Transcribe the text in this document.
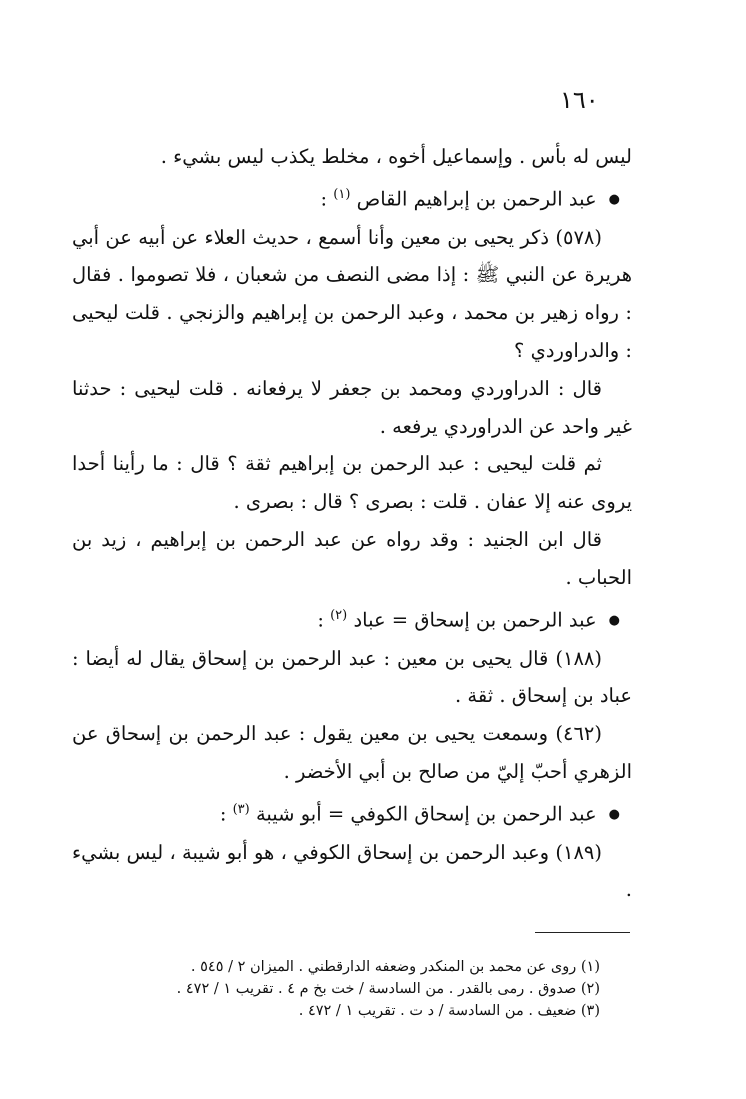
١٦٠

ليس له بأس . وإسماعيل أخوه ، مخلط يكذب ليس بشيء .

●عبد الرحمن بن إبراهيم القاص $^{(١)}$ :

(٥٧٨) ذكر يحيى بن معين وأنا أسمع ، حديث العلاء عن أبيه عن أبي هريرة عن النبي ﷺ : إذا مضى النصف من شعبان ، فلا تصوموا . فقال : رواه زهير بن محمد ، وعبد الرحمن بن إبراهيم والزنجي . قلت ليحيى : والدراوردي ؟

قال : الدراوردي ومحمد بن جعفر لا يرفعانه . قلت ليحيى : حدثنا غير واحد عن الدراوردي يرفعه .

ثم قلت ليحيى : عبد الرحمن بن إبراهيم ثقة ؟ قال : ما رأينا أحدا يروى عنه إلا عفان . قلت : بصرى ؟ قال : بصرى .

قال ابن الجنيد : وقد رواه عن عبد الرحمن بن إبراهيم ، زيد بن الحباب .

●عبد الرحمن بن إسحاق = عباد $^{(٢)}$ :

(١٨٨) قال يحيى بن معين : عبد الرحمن بن إسحاق يقال له أيضا : عباد بن إسحاق . ثقة .

(٤٦٢) وسمعت يحيى بن معين يقول : عبد الرحمن بن إسحاق عن الزهري أحبّ إليّ من صالح بن أبي الأخضر .

●عبد الرحمن بن إسحاق الكوفي = أبو شيبة $^{(٣)}$ :

(١٨٩) وعبد الرحمن بن إسحاق الكوفي ، هو أبو شيبة ، ليس بشيء .

(١) روى عن محمد بن المنكدر وضعفه الدارقطني . الميزان ٢ / ٥٤٥ .

(٢) صدوق . رمى بالقدر . من السادسة / خت بخ م ٤ . تقريب ١ / ٤٧٢ .

(٣) ضعيف . من السادسة / د ت . تقريب ١ / ٤٧٢ .
